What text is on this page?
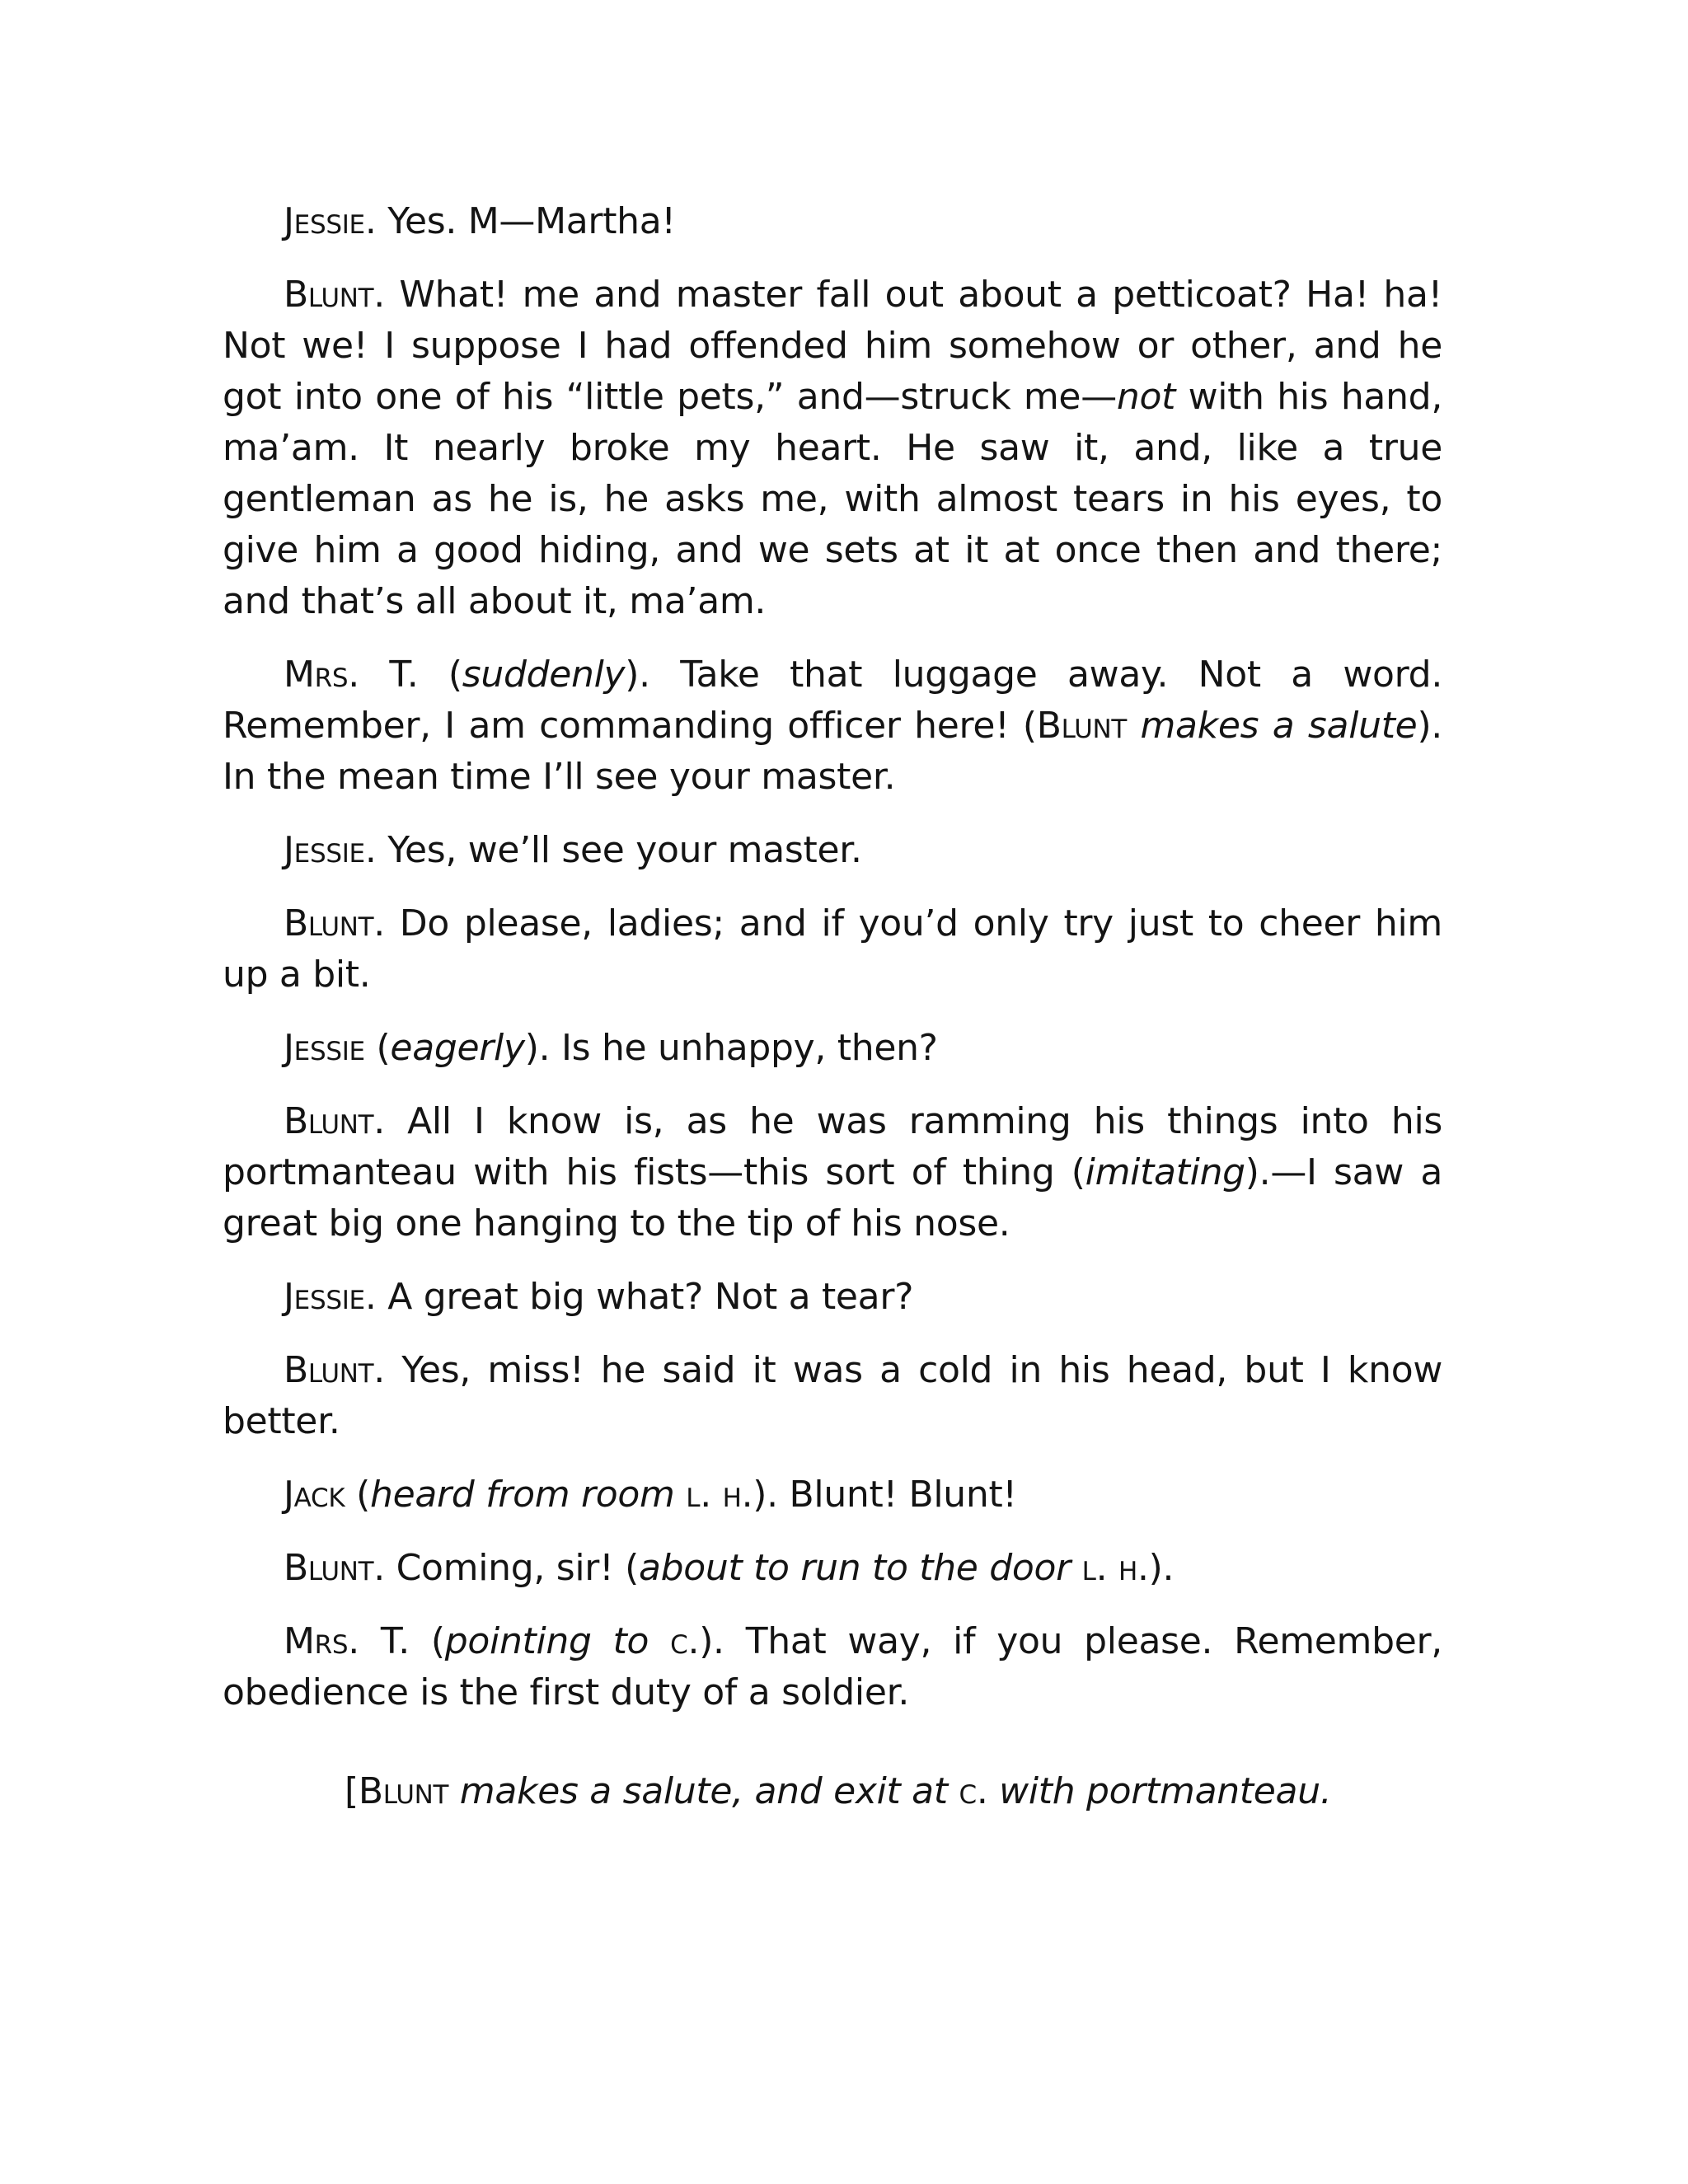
Jessie. Yes. M—Martha!

Blunt. What! me and master fall out about a petticoat? Ha! ha! Not we! I suppose I had offended him somehow or other, and he got into one of his “little pets,” and—struck me—not with his hand, ma’am. It nearly broke my heart. He saw it, and, like a true gentleman as he is, he asks me, with almost tears in his eyes, to give him a good hiding, and we sets at it at once then and there; and that’s all about it, ma’am.

Mrs. T. (suddenly). Take that luggage away. Not a word. Remember, I am commanding officer here! (Blunt makes a salute). In the mean time I’ll see your master.

Jessie. Yes, we’ll see your master.

Blunt. Do please, ladies; and if you’d only try just to cheer him up a bit.

Jessie (eagerly). Is he unhappy, then?

Blunt. All I know is, as he was ramming his things into his portmanteau with his fists—this sort of thing (imitating).—I saw a great big one hanging to the tip of his nose.

Jessie. A great big what? Not a tear?

Blunt. Yes, miss! he said it was a cold in his head, but I know better.

Jack (heard from room l. h.). Blunt! Blunt!

Blunt. Coming, sir! (about to run to the door l. h.).

Mrs. T. (pointing to c.). That way, if you please. Remember, obedience is the first duty of a soldier.

[Blunt makes a salute, and exit at c. with portmanteau.
